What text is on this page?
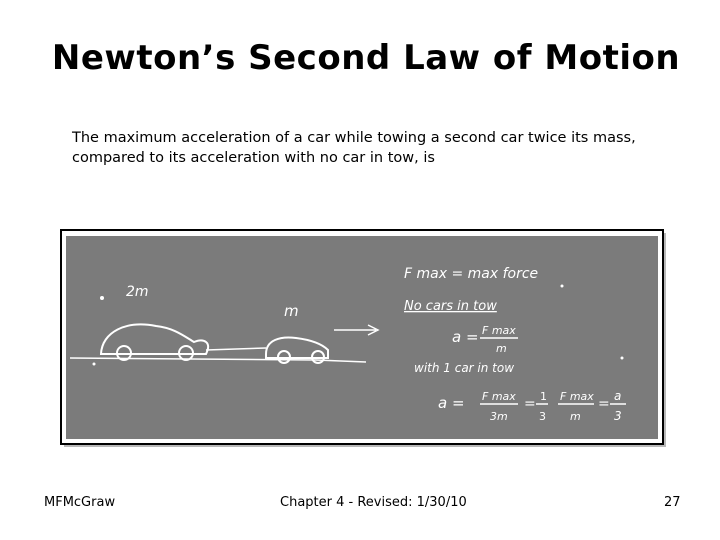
Newton’s Second Law of Motion
The maximum acceleration of a car while towing a second car twice its mass, compared to its acceleration with no car in tow, is
2m
m
F max = max force
No cars in tow
a = F max
m
with 1 car in tow
a = F max
3m
= 1
3
F max
m
= a
3
MFMcGraw	Chapter 4 - Revised: 1/30/10	27
